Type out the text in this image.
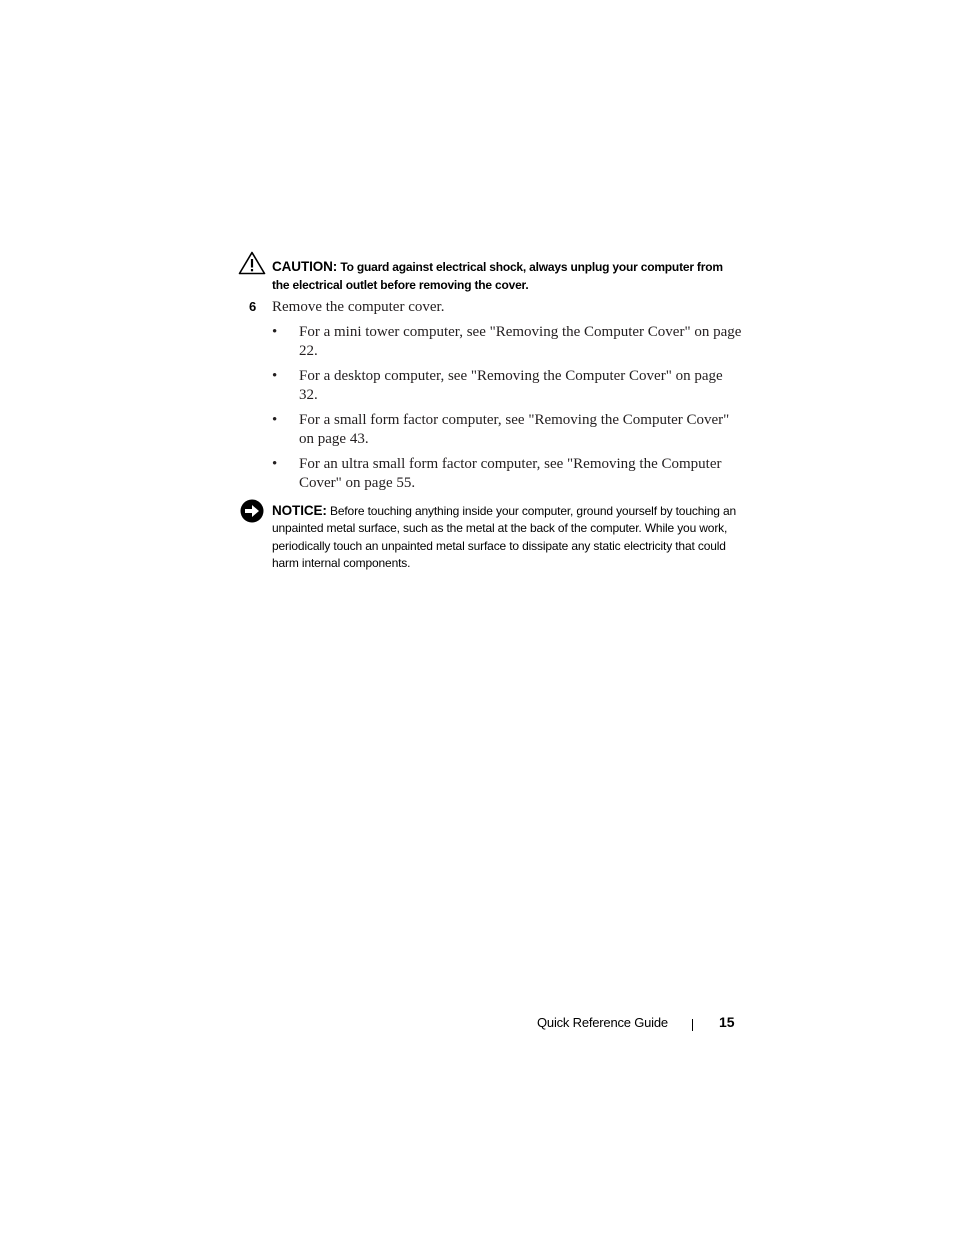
CAUTION: To guard against electrical shock, always unplug your computer from the electrical outlet before removing the cover.
6 Remove the computer cover.
• For a mini tower computer, see "Removing the Computer Cover" on page 22.
• For a desktop computer, see "Removing the Computer Cover" on page 32.
• For a small form factor computer, see "Removing the Computer Cover" on page 43.
• For an ultra small form factor computer, see "Removing the Computer Cover" on page 55.
NOTICE: Before touching anything inside your computer, ground yourself by touching an unpainted metal surface, such as the metal at the back of the computer. While you work, periodically touch an unpainted metal surface to dissipate any static electricity that could harm internal components.
Quick Reference Guide	15
